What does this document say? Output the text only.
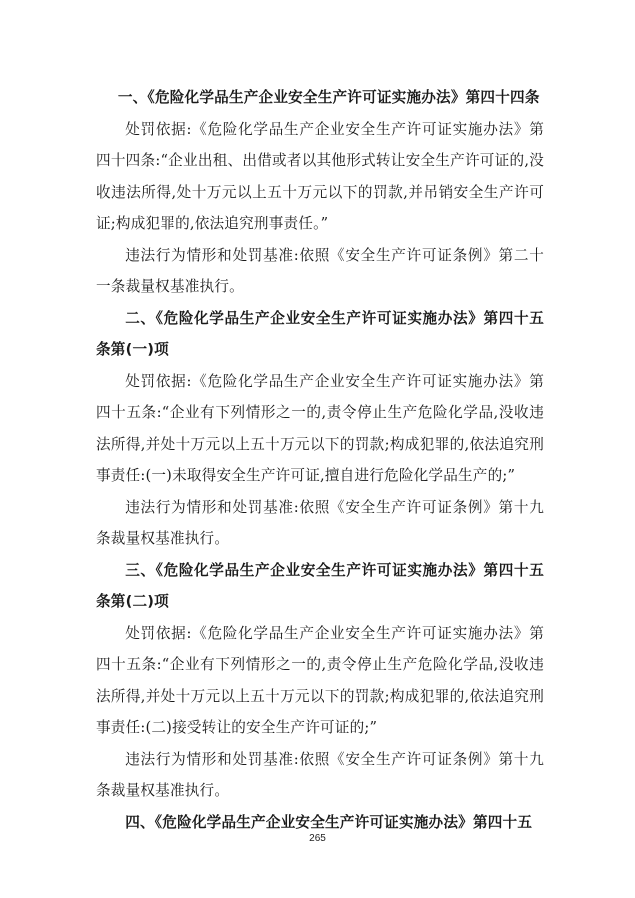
一、《危险化学品生产企业安全生产许可证实施办法》第四十四条

处罚依据:《危险化学品生产企业安全生产许可证实施办法》第四十四条:“企业出租、出借或者以其他形式转让安全生产许可证的,没收违法所得,处十万元以上五十万元以下的罚款,并吊销安全生产许可证;构成犯罪的,依法追究刑事责任。”

违法行为情形和处罚基准:依照《安全生产许可证条例》第二十一条裁量权基准执行。

二、《危险化学品生产企业安全生产许可证实施办法》第四十五条第(一)项

处罚依据:《危险化学品生产企业安全生产许可证实施办法》第四十五条:“企业有下列情形之一的,责令停止生产危险化学品,没收违法所得,并处十万元以上五十万元以下的罚款;构成犯罪的,依法追究刑事责任:(一)未取得安全生产许可证,擅自进行危险化学品生产的;”

违法行为情形和处罚基准:依照《安全生产许可证条例》第十九条裁量权基准执行。

三、《危险化学品生产企业安全生产许可证实施办法》第四十五条第(二)项

处罚依据:《危险化学品生产企业安全生产许可证实施办法》第四十五条:“企业有下列情形之一的,责令停止生产危险化学品,没收违法所得,并处十万元以上五十万元以下的罚款;构成犯罪的,依法追究刑事责任:(二)接受转让的安全生产许可证的;”

违法行为情形和处罚基准:依照《安全生产许可证条例》第十九条裁量权基准执行。

四、《危险化学品生产企业安全生产许可证实施办法》第四十五

265
